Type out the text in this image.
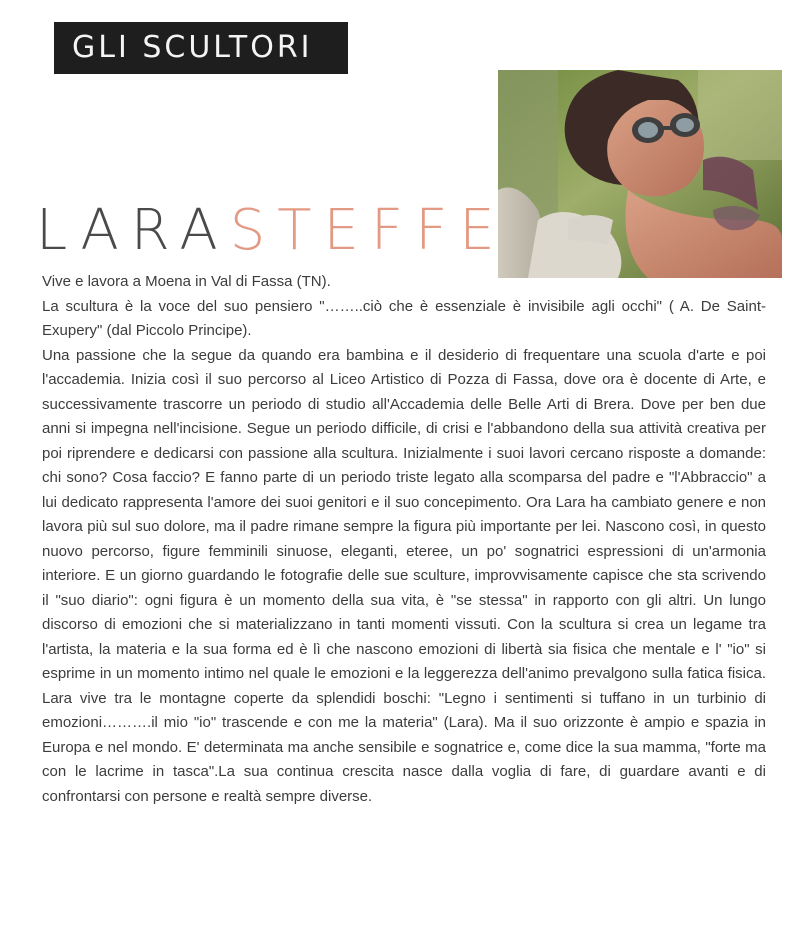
GLI SCULTORI
LARASTEFFE

Vive e lavora a Moena in Val di Fassa (TN).

La scultura è la voce del suo pensiero "……..ciò che è essenziale è invisibile agli occhi" ( A. De Saint-Exupery" (dal Piccolo Principe).

Una passione che la segue da quando era bambina e il desiderio di frequentare una scuola d'arte e poi l'accademia. Inizia così il suo percorso al Liceo Artistico di Pozza di Fassa, dove ora è docente di Arte, e successivamente trascorre un periodo di studio all'Accademia delle Belle Arti di Brera. Dove per ben due anni si impegna nell'incisione. Segue un periodo difficile, di crisi e l'abbandono della sua attività creativa per poi riprendere e dedicarsi con passione alla scultura. Inizialmente i suoi lavori cercano risposte a domande: chi sono? Cosa faccio? E fanno parte di un periodo triste legato alla scomparsa del padre e "l'Abbraccio" a lui dedicato rappresenta l'amore dei suoi genitori e il suo concepimento. Ora Lara ha cambiato genere e non lavora più sul suo dolore, ma il padre rimane sempre la figura più importante per lei. Nascono così, in questo nuovo percorso, figure femminili sinuose, eleganti, eteree, un po' sognatrici espressioni di un'armonia interiore. E un giorno guardando le fotografie delle sue sculture, improvvisamente capisce che sta scrivendo il "suo diario": ogni figura è un momento della sua vita, è "se stessa" in rapporto con gli altri. Un lungo discorso di emozioni che si materializzano in tanti momenti vissuti. Con la scultura si crea un legame tra l'artista, la materia e la sua forma ed è lì che nascono emozioni di libertà sia fisica che mentale e l' "io" si esprime in un momento intimo nel quale le emozioni e la leggerezza dell'animo prevalgono sulla fatica fisica. Lara vive tra le montagne coperte da splendidi boschi: "Legno i sentimenti si tuffano in un turbinio di emozioni……….il mio "io" trascende e con me la materia" (Lara). Ma il suo orizzonte è ampio e spazia in Europa e nel mondo. E' determinata ma anche sensibile e sognatrice e, come dice la sua mamma, "forte ma con le lacrime in tasca".La sua continua crescita nasce dalla voglia di fare, di guardare avanti e di confrontarsi con persone e realtà sempre diverse.
